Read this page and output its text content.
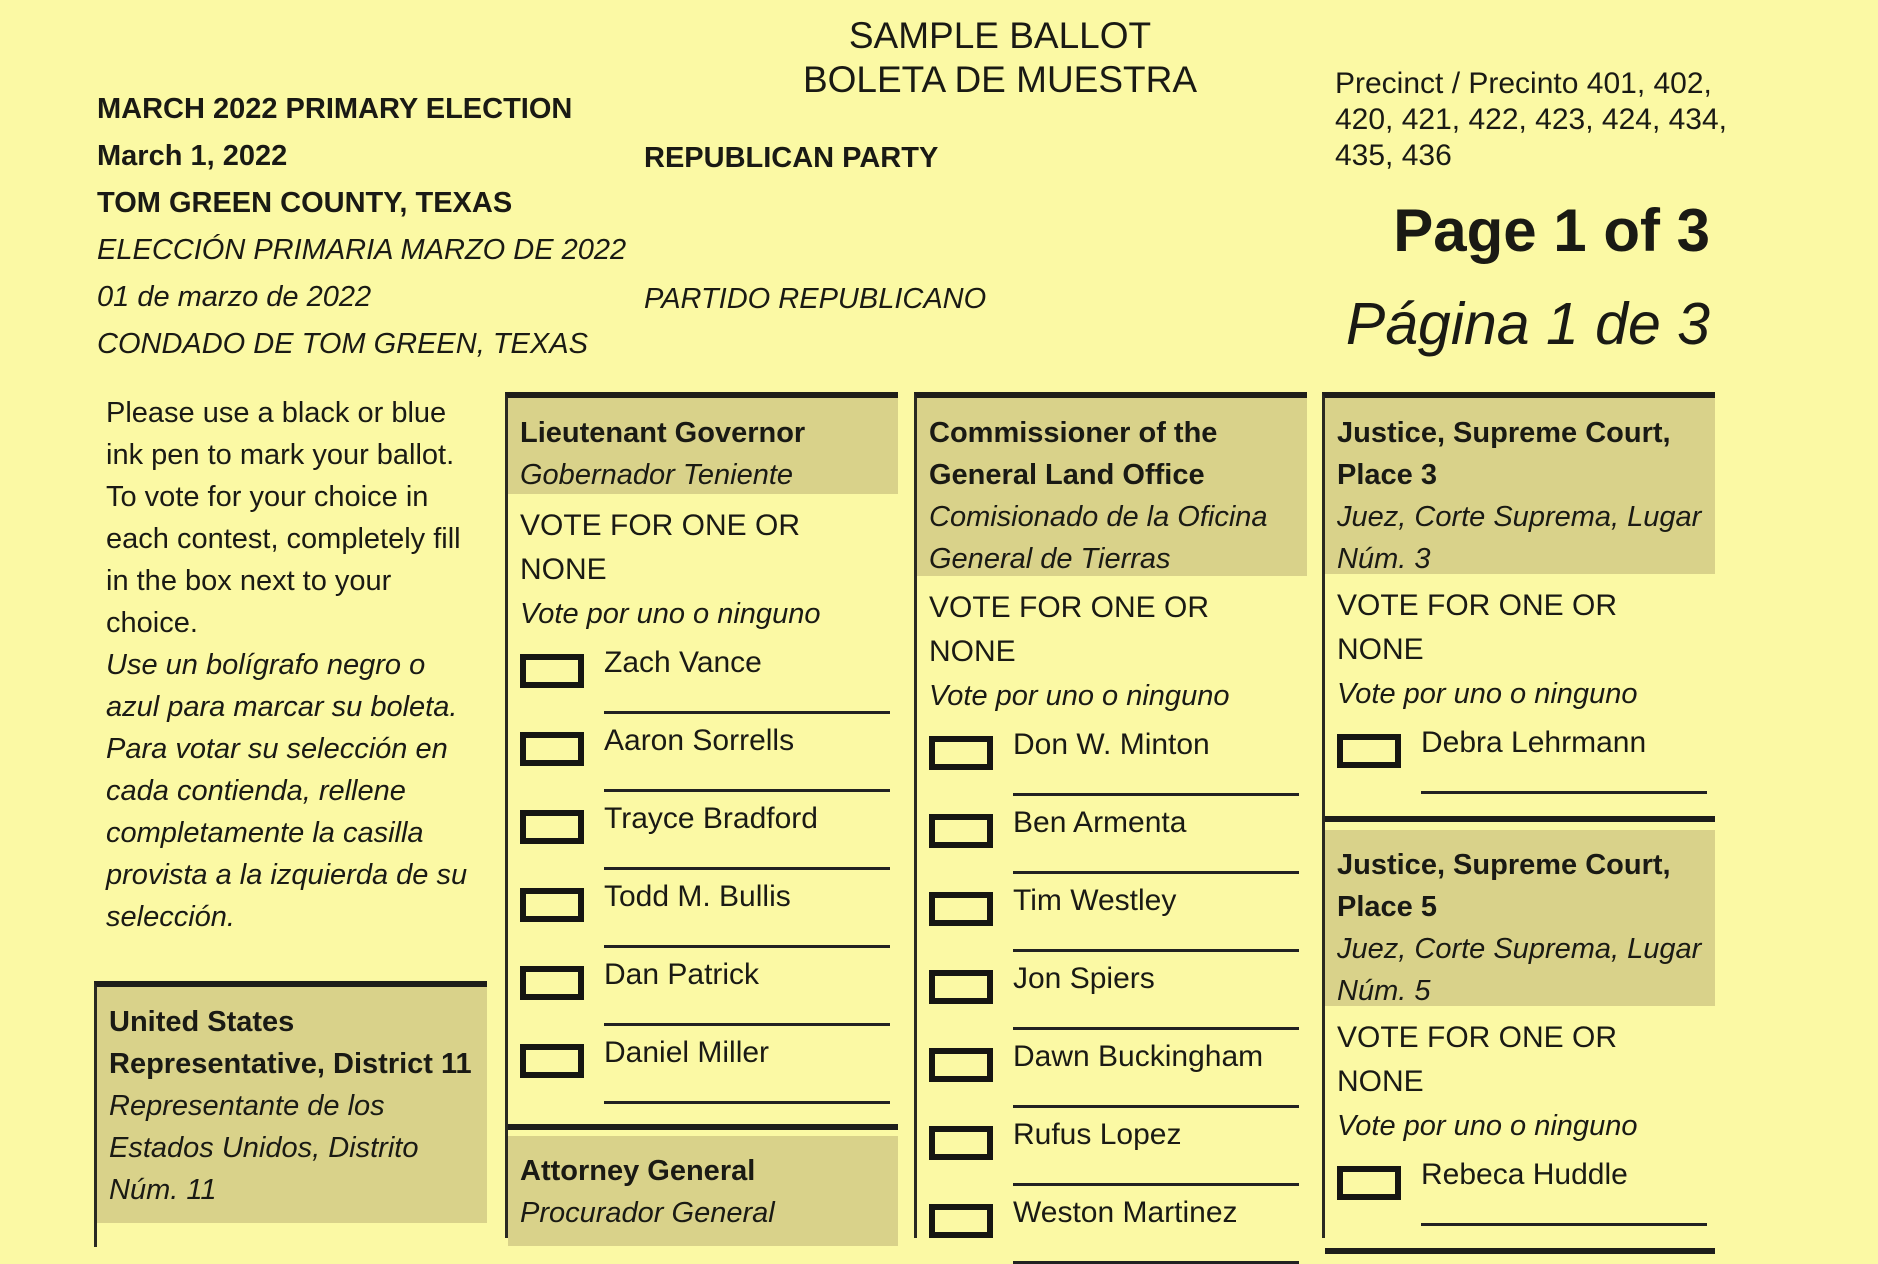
MARCH 2022 PRIMARY ELECTION
March 1, 2022
TOM GREEN COUNTY, TEXAS
ELECCIÓN PRIMARIA MARZO DE 2022
01 de marzo de 2022
CONDADO DE TOM GREEN, TEXAS
SAMPLE BALLOT
BOLETA DE MUESTRA
REPUBLICAN PARTY
PARTIDO REPUBLICANO
Precinct / Precinto 401, 402, 420, 421, 422, 423, 424, 434, 435, 436
Page 1 of 3
Página 1 de 3
Please use a black or blue ink pen to mark your ballot. To vote for your choice in each contest, completely fill in the box next to your choice.
Use un bolígrafo negro o azul para marcar su boleta. Para votar su selección en cada contienda, rellene completamente la casilla provista a la izquierda de su selección.
United States Representative, District 11
Representante de los Estados Unidos, Distrito
Núm. 11
Lieutenant Governor
Gobernador Teniente
VOTE FOR ONE OR NONE
Vote por uno o ninguno
Zach Vance
Aaron Sorrells
Trayce Bradford
Todd M. Bullis
Dan Patrick
Daniel Miller
Attorney General
Procurador General
Commissioner of the General Land Office
Comisionado de la Oficina General de Tierras
VOTE FOR ONE OR NONE
Vote por uno o ninguno
Don W. Minton
Ben Armenta
Tim Westley
Jon Spiers
Dawn Buckingham
Rufus Lopez
Weston Martinez
Justice, Supreme Court, Place 3
Juez, Corte Suprema, Lugar Núm. 3
VOTE FOR ONE OR NONE
Vote por uno o ninguno
Debra Lehrmann
Justice, Supreme Court, Place 5
Juez, Corte Suprema, Lugar Núm. 5
VOTE FOR ONE OR NONE
Vote por uno o ninguno
Rebeca Huddle
